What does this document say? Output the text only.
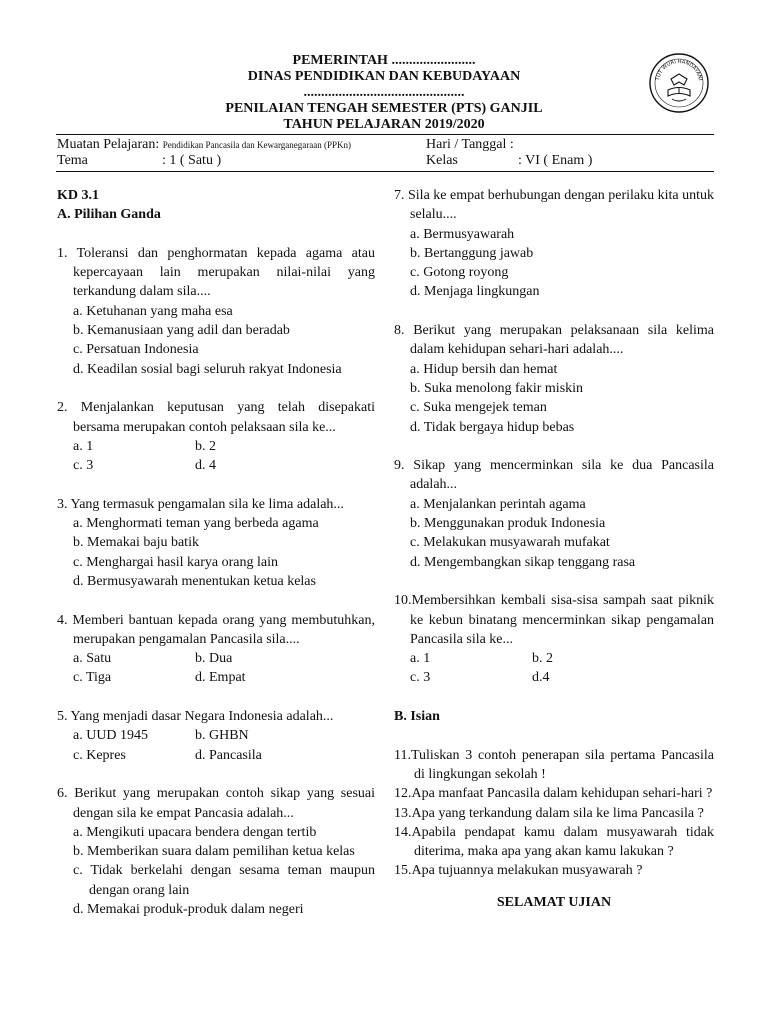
PEMERINTAH ........................
DINAS PENDIDIKAN DAN KEBUDAYAAN
..............................................
PENILAIAN TENGAH SEMESTER (PTS) GANJIL
TAHUN PELAJARAN 2019/2020
TUT WURI HANDAYANI
Muatan Pelajaran: Pendidikan Pancasila dan Kewarganegaraan (PPKn)
Tema	: 1 ( Satu )
Hari / Tanggal :
Kelas	: VI ( Enam )
KD 3.1
A. Pilihan Ganda
1. Toleransi dan penghormatan kepada agama atau kepercayaan lain merupakan nilai-nilai yang terkandung dalam sila....
a. Ketuhanan yang maha esa
b. Kemanusiaan yang adil dan beradab
c. Persatuan Indonesia
d. Keadilan sosial bagi seluruh rakyat Indonesia
2. Menjalankan keputusan yang telah disepakati bersama merupakan contoh pelaksaan sila ke...
a. 1	b. 2
c. 3	d. 4
3. Yang termasuk pengamalan sila ke lima adalah...
a. Menghormati teman yang berbeda agama
b. Memakai baju batik
c. Menghargai hasil karya orang lain
d. Bermusyawarah menentukan ketua kelas
4. Memberi bantuan kepada orang yang membutuhkan, merupakan pengamalan Pancasila sila....
a. Satu	b. Dua
c. Tiga	d. Empat
5. Yang menjadi dasar Negara Indonesia adalah...
a. UUD 1945	b. GHBN
c. Kepres	d. Pancasila
6. Berikut yang merupakan contoh sikap yang sesuai dengan sila ke empat Pancasia adalah...
a. Mengikuti upacara bendera dengan tertib
b. Memberikan suara dalam pemilihan ketua kelas
c. Tidak berkelahi dengan sesama teman maupun dengan orang lain
d. Memakai produk-produk dalam negeri
7. Sila ke empat berhubungan dengan perilaku kita untuk selalu....
a. Bermusyawarah
b. Bertanggung jawab
c. Gotong royong
d. Menjaga lingkungan
8. Berikut yang merupakan pelaksanaan sila kelima dalam kehidupan sehari-hari adalah....
a. Hidup bersih dan hemat
b. Suka menolong fakir miskin
c. Suka mengejek teman
d. Tidak bergaya hidup bebas
9. Sikap yang mencerminkan sila ke dua Pancasila adalah...
a. Menjalankan perintah agama
b. Menggunakan produk Indonesia
c. Melakukan musyawarah mufakat
d. Mengembangkan sikap tenggang rasa
10.Membersihkan kembali sisa-sisa sampah saat piknik ke kebun binatang mencerminkan sikap pengamalan Pancasila sila ke...
a. 1	b. 2
c. 3	d.4
B. Isian
11.Tuliskan 3 contoh penerapan sila pertama Pancasila di lingkungan sekolah !
12.Apa manfaat Pancasila dalam kehidupan sehari-hari ?
13.Apa yang terkandung dalam sila ke lima Pancasila ?
14.Apabila pendapat kamu dalam musyawarah tidak diterima, maka apa yang akan kamu lakukan ?
15.Apa tujuannya melakukan musyawarah ?
SELAMAT UJIAN
